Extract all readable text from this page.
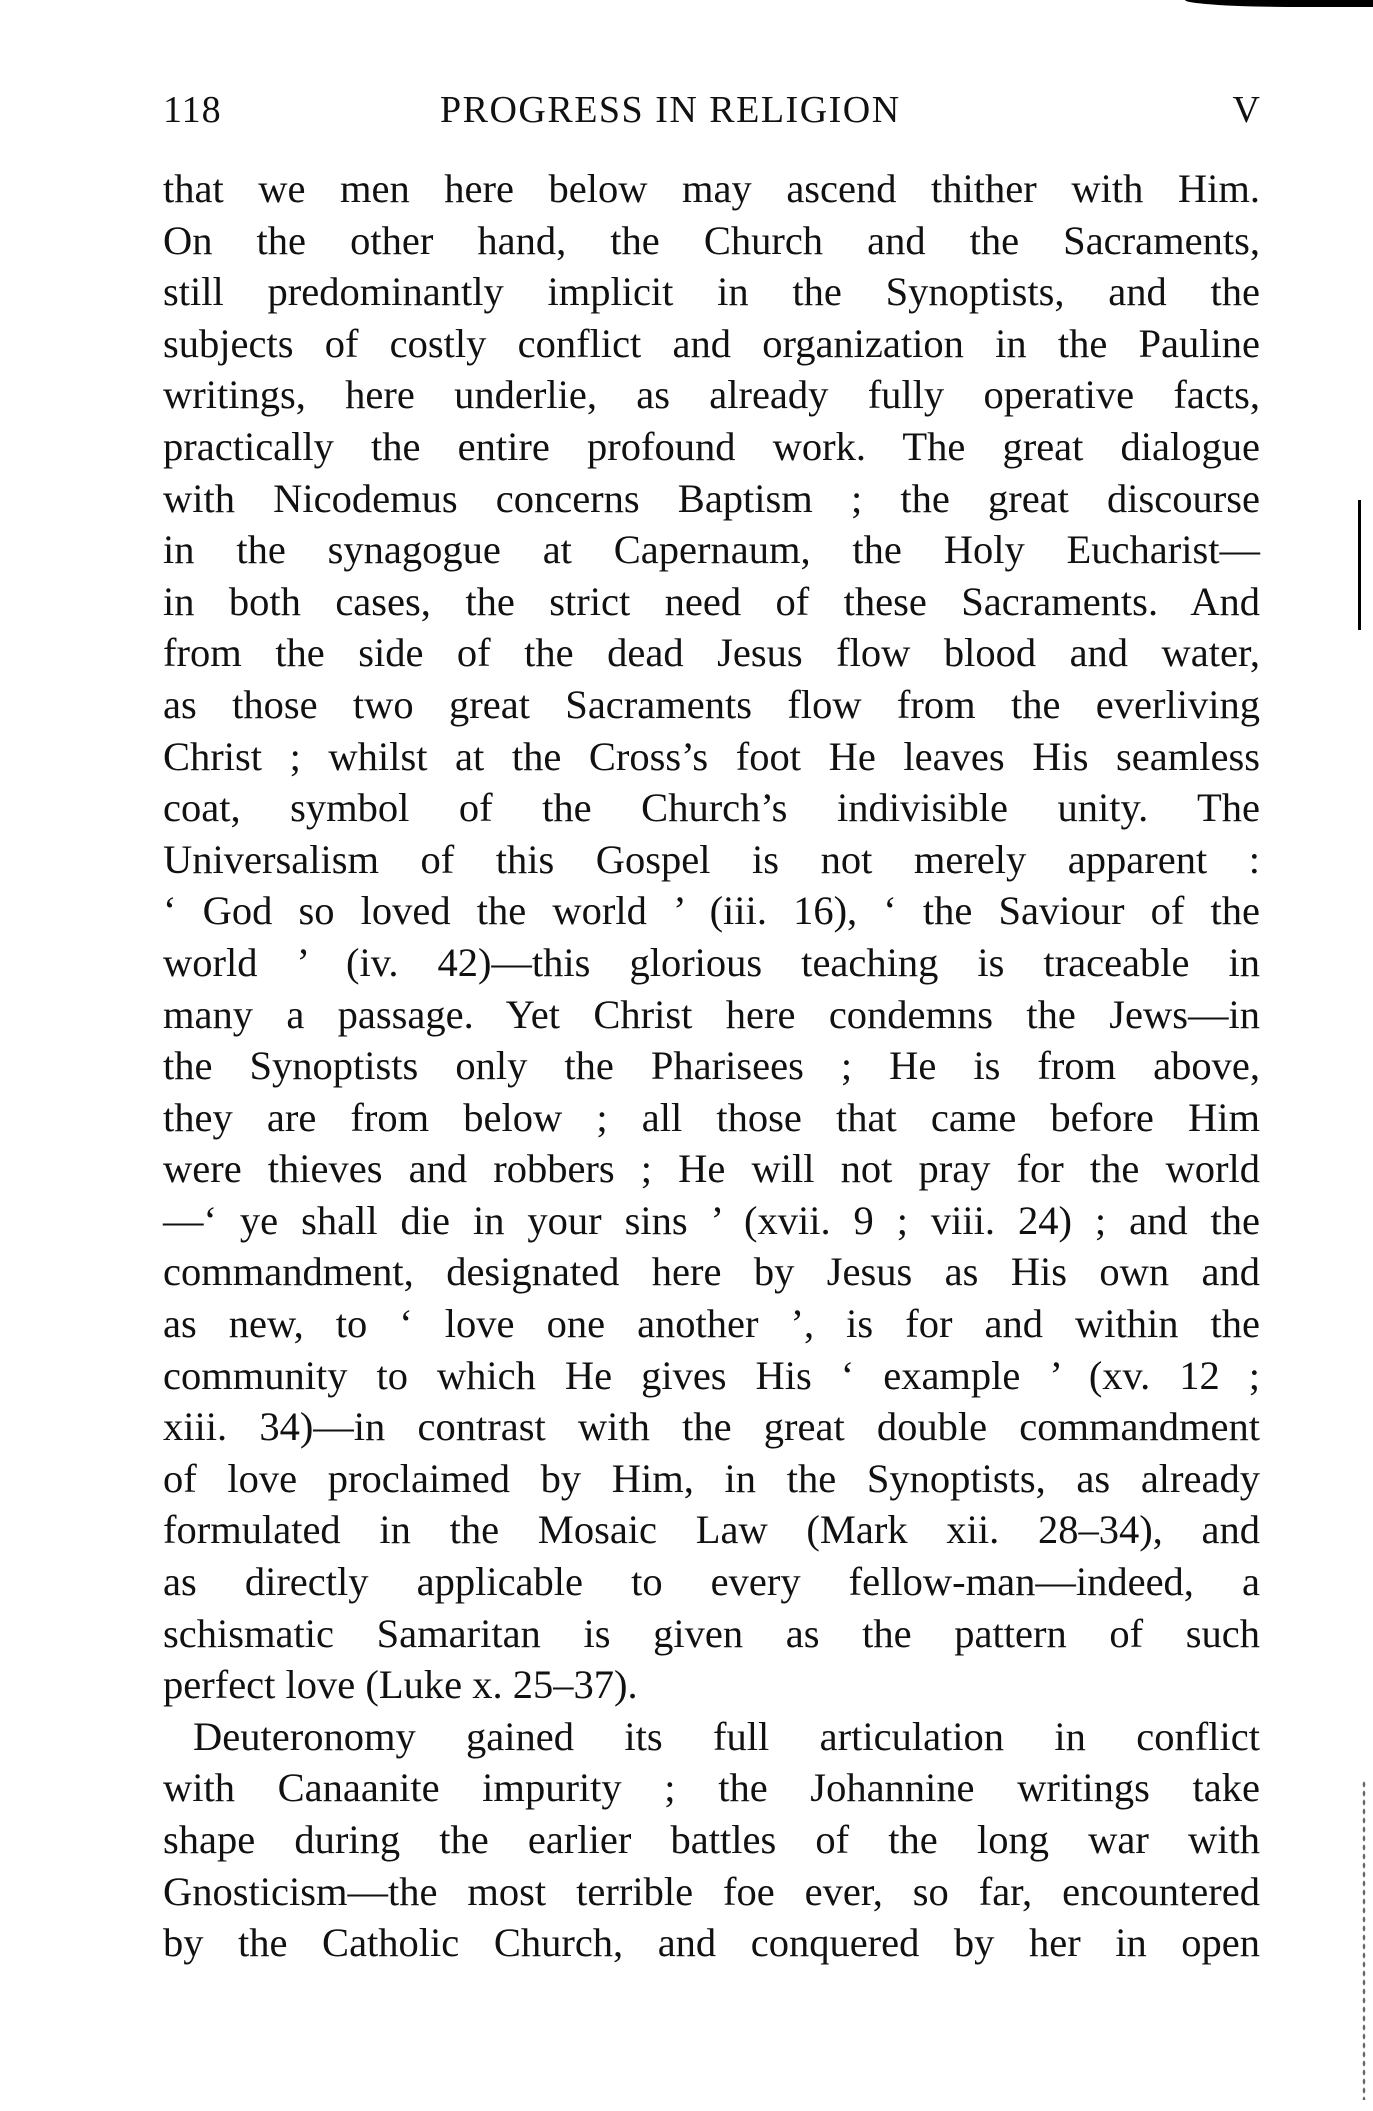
118	PROGRESS IN RELIGION	V
that we men here below may ascend thither with Him.
On the other hand, the Church and the Sacraments,
still predominantly implicit in the Synoptists, and the
subjects of costly conflict and organization in the Pauline
writings, here underlie, as already fully operative facts,
practically the entire profound work. The great dialogue
with Nicodemus concerns Baptism ; the great discourse
in the synagogue at Capernaum, the Holy Eucharist—
in both cases, the strict need of these Sacraments. And
from the side of the dead Jesus flow blood and water,
as those two great Sacraments flow from the everliving
Christ ; whilst at the Cross’s foot He leaves His seamless
coat, symbol of the Church’s indivisible unity. The
Universalism of this Gospel is not merely apparent :
‘ God so loved the world ’ (iii. 16), ‘ the Saviour of the
world ’ (iv. 42)—this glorious teaching is traceable in
many a passage. Yet Christ here condemns the Jews—in
the Synoptists only the Pharisees ; He is from above,
they are from below ; all those that came before Him
were thieves and robbers ; He will not pray for the world
—‘ ye shall die in your sins ’ (xvii. 9 ; viii. 24) ; and the
commandment, designated here by Jesus as His own and
as new, to ‘ love one another ’, is for and within the
community to which He gives His ‘ example ’ (xv. 12 ;
xiii. 34)—in contrast with the great double commandment
of love proclaimed by Him, in the Synoptists, as already
formulated in the Mosaic Law (Mark xii. 28–34), and
as directly applicable to every fellow-man—indeed, a
schismatic Samaritan is given as the pattern of such
perfect love (Luke x. 25–37).
Deuteronomy gained its full articulation in conflict
with Canaanite impurity ; the Johannine writings take
shape during the earlier battles of the long war with
Gnosticism—the most terrible foe ever, so far, encountered
by the Catholic Church, and conquered by her in open
